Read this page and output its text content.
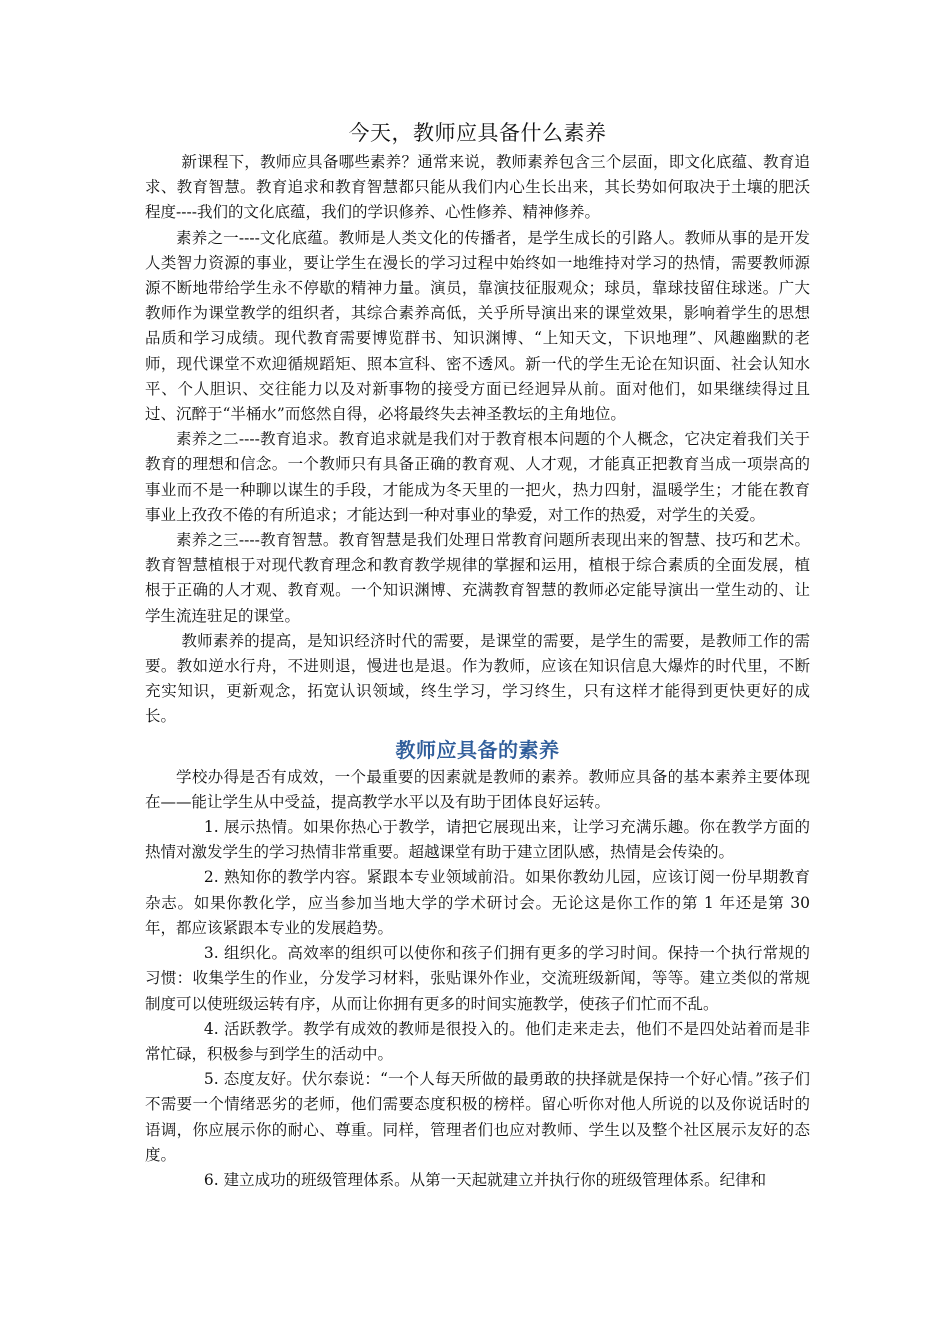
今天，教师应具备什么素养

新课程下，教师应具备哪些素养？通常来说，教师素养包含三个层面，即文化底蕴、教育追求、教育智慧。教育追求和教育智慧都只能从我们内心生长出来，其长势如何取决于土壤的肥沃程度----我们的文化底蕴，我们的学识修养、心性修养、精神修养。

素养之一----文化底蕴。教师是人类文化的传播者，是学生成长的引路人。教师从事的是开发人类智力资源的事业，要让学生在漫长的学习过程中始终如一地维持对学习的热情，需要教师源源不断地带给学生永不停歇的精神力量。演员，靠演技征服观众；球员，靠球技留住球迷。广大教师作为课堂教学的组织者，其综合素养高低，关乎所导演出来的课堂效果，影响着学生的思想品质和学习成绩。现代教育需要博览群书、知识渊博、“上知天文，下识地理”、风趣幽默的老师，现代课堂不欢迎循规蹈矩、照本宣科、密不透风。新一代的学生无论在知识面、社会认知水平、个人胆识、交往能力以及对新事物的接受方面已经迥异从前。面对他们，如果继续得过且过、沉醉于“半桶水”而悠然自得，必将最终失去神圣教坛的主角地位。

素养之二----教育追求。教育追求就是我们对于教育根本问题的个人概念，它决定着我们关于教育的理想和信念。一个教师只有具备正确的教育观、人才观，才能真正把教育当成一项崇高的事业而不是一种聊以谋生的手段，才能成为冬天里的一把火，热力四射，温暖学生；才能在教育事业上孜孜不倦的有所追求；才能达到一种对事业的挚爱，对工作的热爱，对学生的关爱。

素养之三----教育智慧。教育智慧是我们处理日常教育问题所表现出来的智慧、技巧和艺术。教育智慧植根于对现代教育理念和教育教学规律的掌握和运用，植根于综合素质的全面发展，植根于正确的人才观、教育观。一个知识渊博、充满教育智慧的教师必定能导演出一堂生动的、让学生流连驻足的课堂。

教师素养的提高，是知识经济时代的需要，是课堂的需要，是学生的需要，是教师工作的需要。教如逆水行舟，不进则退，慢进也是退。作为教师，应该在知识信息大爆炸的时代里，不断充实知识，更新观念，拓宽认识领域，终生学习，学习终生，只有这样才能得到更快更好的成长。

教师应具备的素养

学校办得是否有成效，一个最重要的因素就是教师的素养。教师应具备的基本素养主要体现在——能让学生从中受益，提高教学水平以及有助于团体良好运转。

1. 展示热情。如果你热心于教学，请把它展现出来，让学习充满乐趣。你在教学方面的热情对激发学生的学习热情非常重要。超越课堂有助于建立团队感，热情是会传染的。

2. 熟知你的教学内容。紧跟本专业领域前沿。如果你教幼儿园，应该订阅一份早期教育杂志。如果你教化学，应当参加当地大学的学术研讨会。无论这是你工作的第 1 年还是第 30 年，都应该紧跟本专业的发展趋势。

3. 组织化。高效率的组织可以使你和孩子们拥有更多的学习时间。保持一个执行常规的习惯：收集学生的作业，分发学习材料，张贴课外作业，交流班级新闻，等等。建立类似的常规制度可以使班级运转有序，从而让你拥有更多的时间实施教学，使孩子们忙而不乱。

4. 活跃教学。教学有成效的教师是很投入的。他们走来走去，他们不是四处站着而是非常忙碌，积极参与到学生的活动中。

5. 态度友好。伏尔泰说：“一个人每天所做的最勇敢的抉择就是保持一个好心情。”孩子们不需要一个情绪恶劣的老师，他们需要态度积极的榜样。留心听你对他人所说的以及你说话时的语调，你应展示你的耐心、尊重。同样，管理者们也应对教师、学生以及整个社区展示友好的态度。

6. 建立成功的班级管理体系。从第一天起就建立并执行你的班级管理体系。纪律和
